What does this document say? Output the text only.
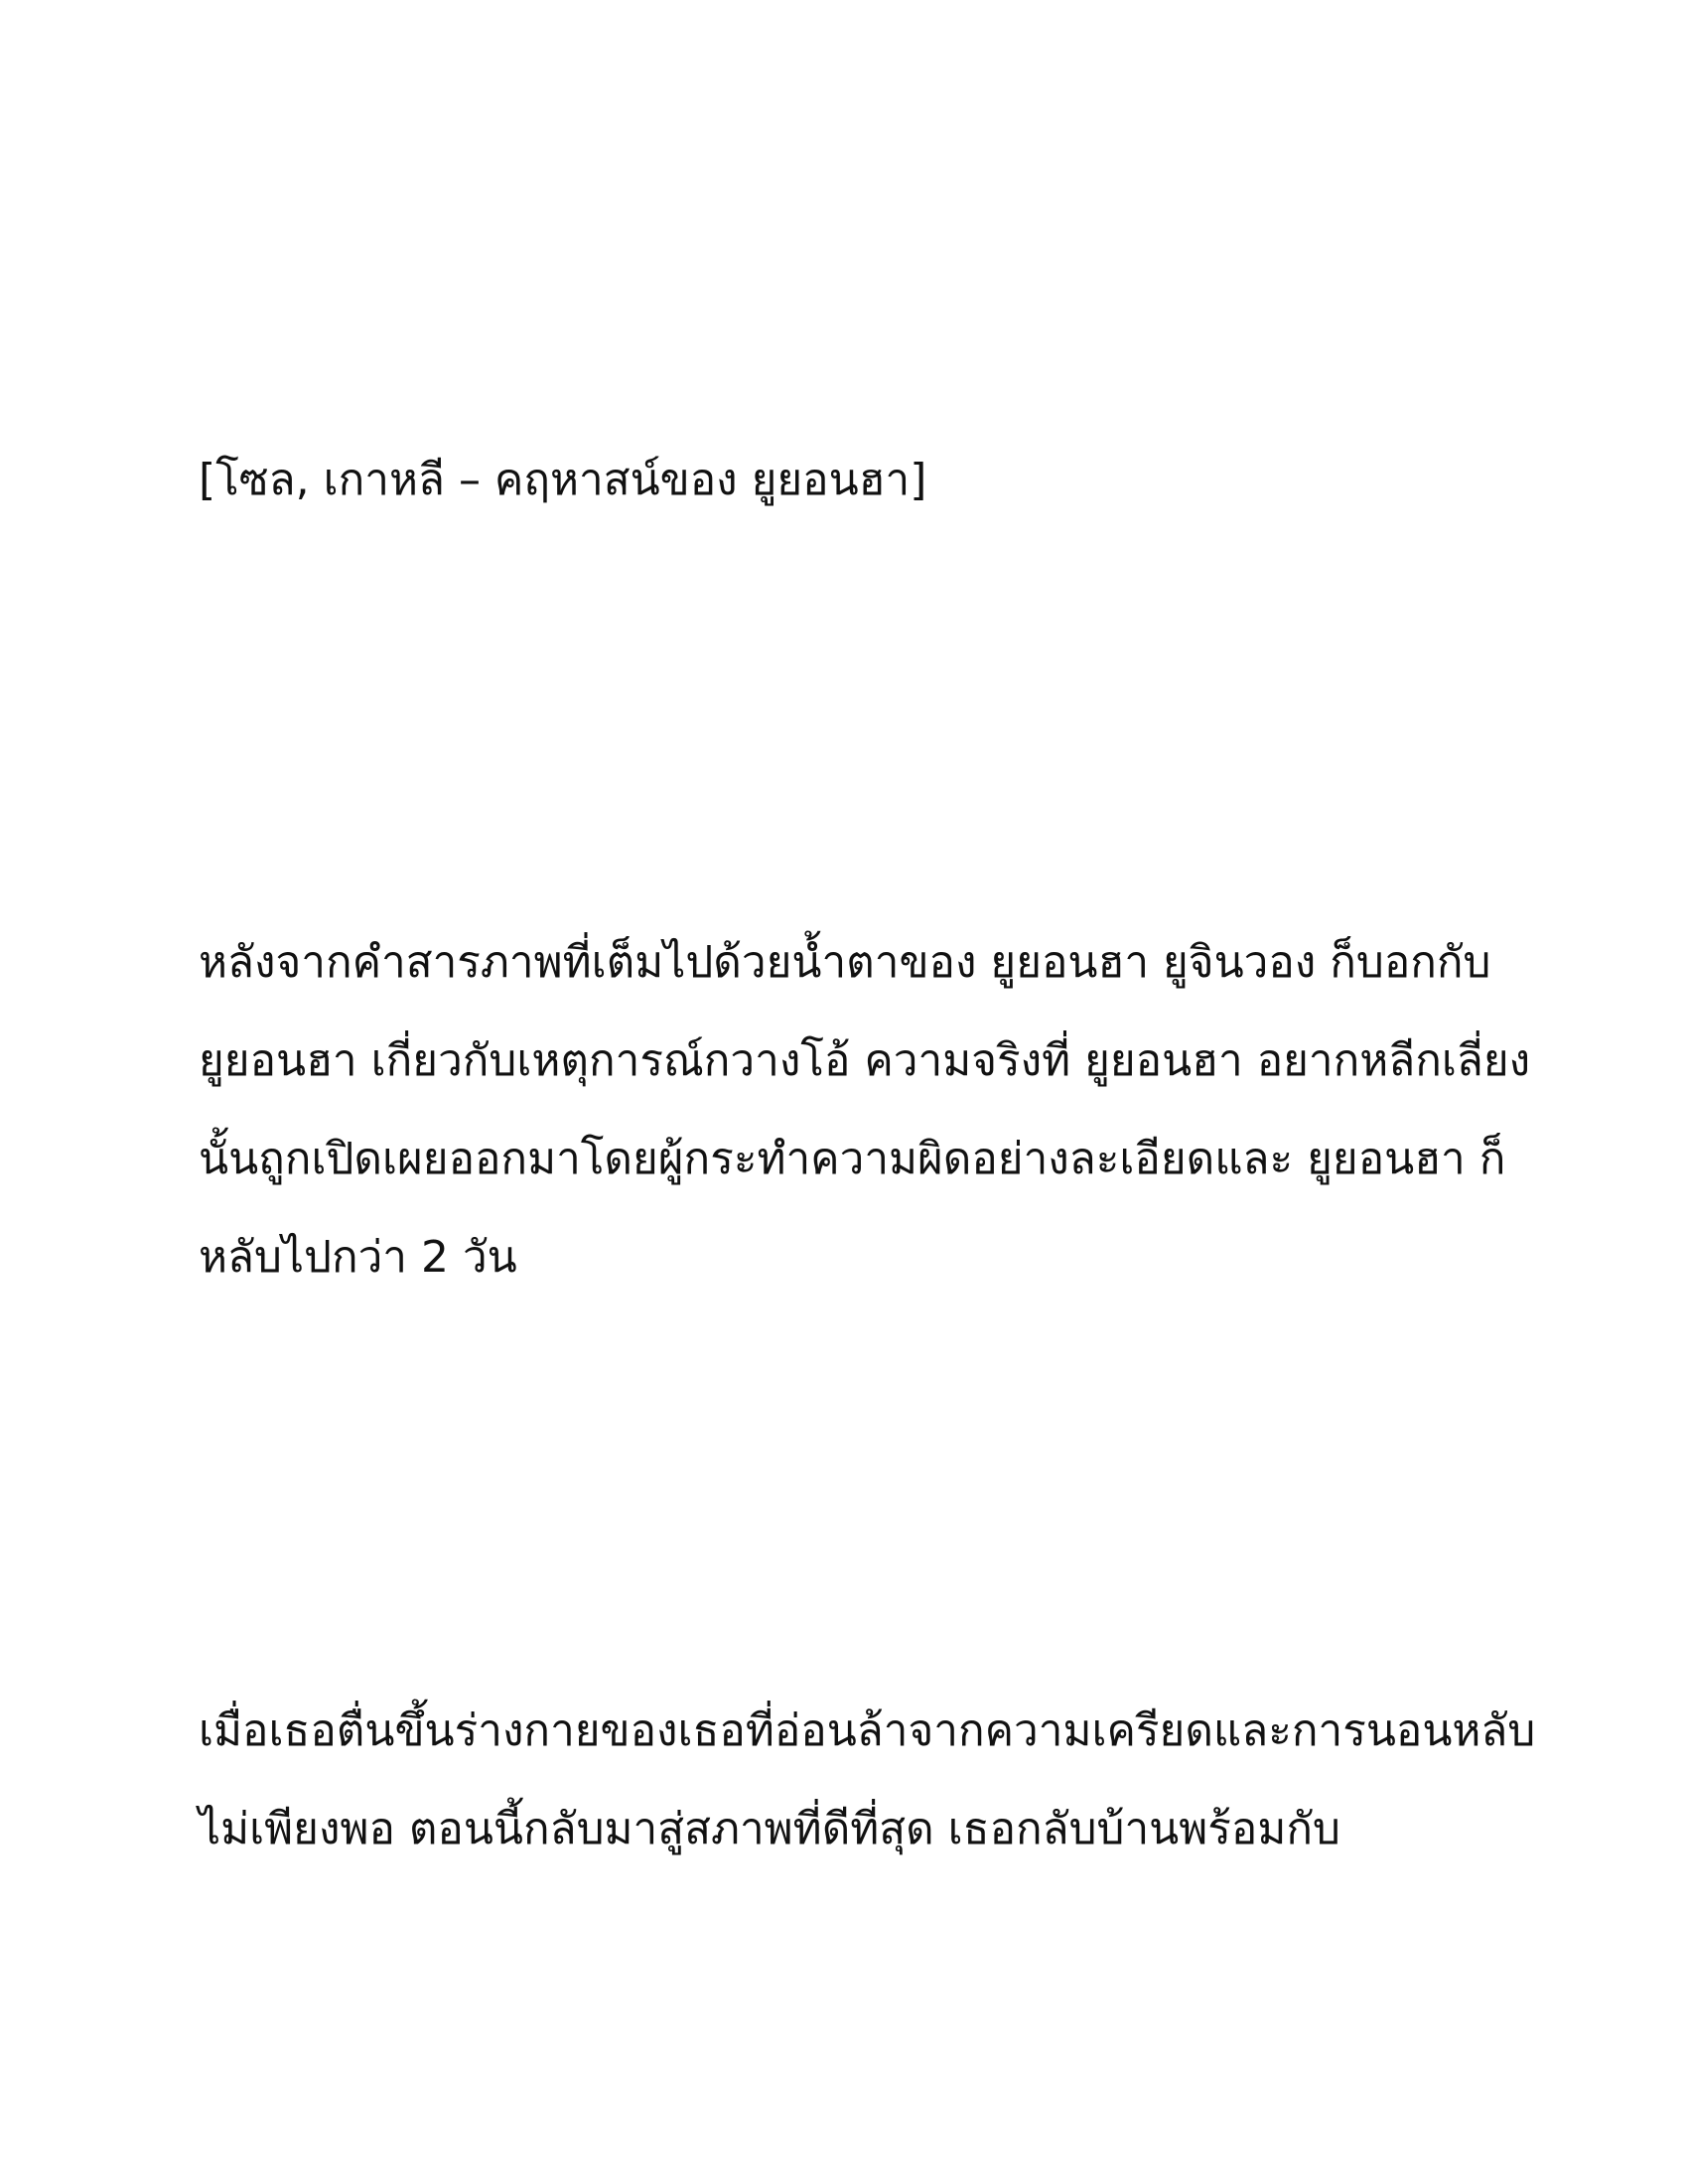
[โซล, เกาหลี – คฤหาสน์ของ ยูยอนฮา]
หลังจากคำสารภาพที่เต็มไปด้วยน้ำตาของ ยูยอนฮา ยูจินวอง ก็บอกกับ
ยูยอนฮา เกี่ยวกับเหตุการณ์กวางโอ้ ความจริงที่ ยูยอนฮา อยากหลีกเลี่ยง
นั้นถูกเปิดเผยออกมาโดยผู้กระทำความผิดอย่างละเอียดและ ยูยอนฮา ก็
หลับไปกว่า 2 วัน
เมื่อเธอตื่นขึ้นร่างกายของเธอที่อ่อนล้าจากความเครียดและการนอนหลับ
ไม่เพียงพอ ตอนนี้กลับมาสู่สภาพที่ดีที่สุด เธอกลับบ้านพร้อมกับ
